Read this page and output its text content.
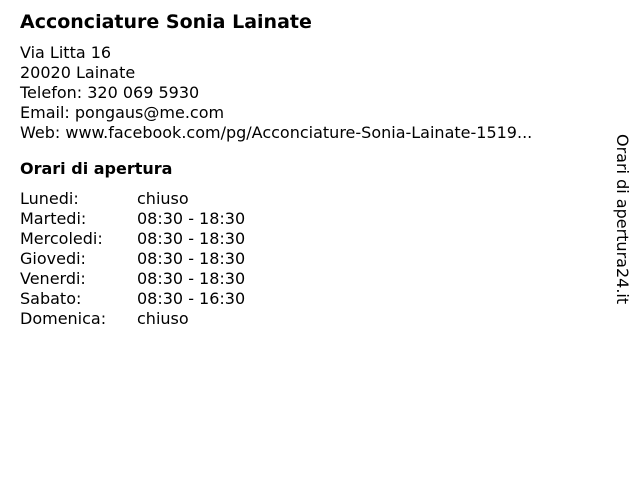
Acconciature Sonia Lainate
Via Litta 16
20020 Lainate
Telefon: 320 069 5930
Email: pongaus@me.com
Web: www.facebook.com/pg/Acconciature-Sonia-Lainate-1519...
Orari di apertura
Lunedi:	chiuso
Martedi:	08:30 - 18:30
Mercoledi:	08:30 - 18:30
Giovedi:	08:30 - 18:30
Venerdi:	08:30 - 18:30
Sabato:	08:30 - 16:30
Domenica:	chiuso
Orari di apertura24.it
